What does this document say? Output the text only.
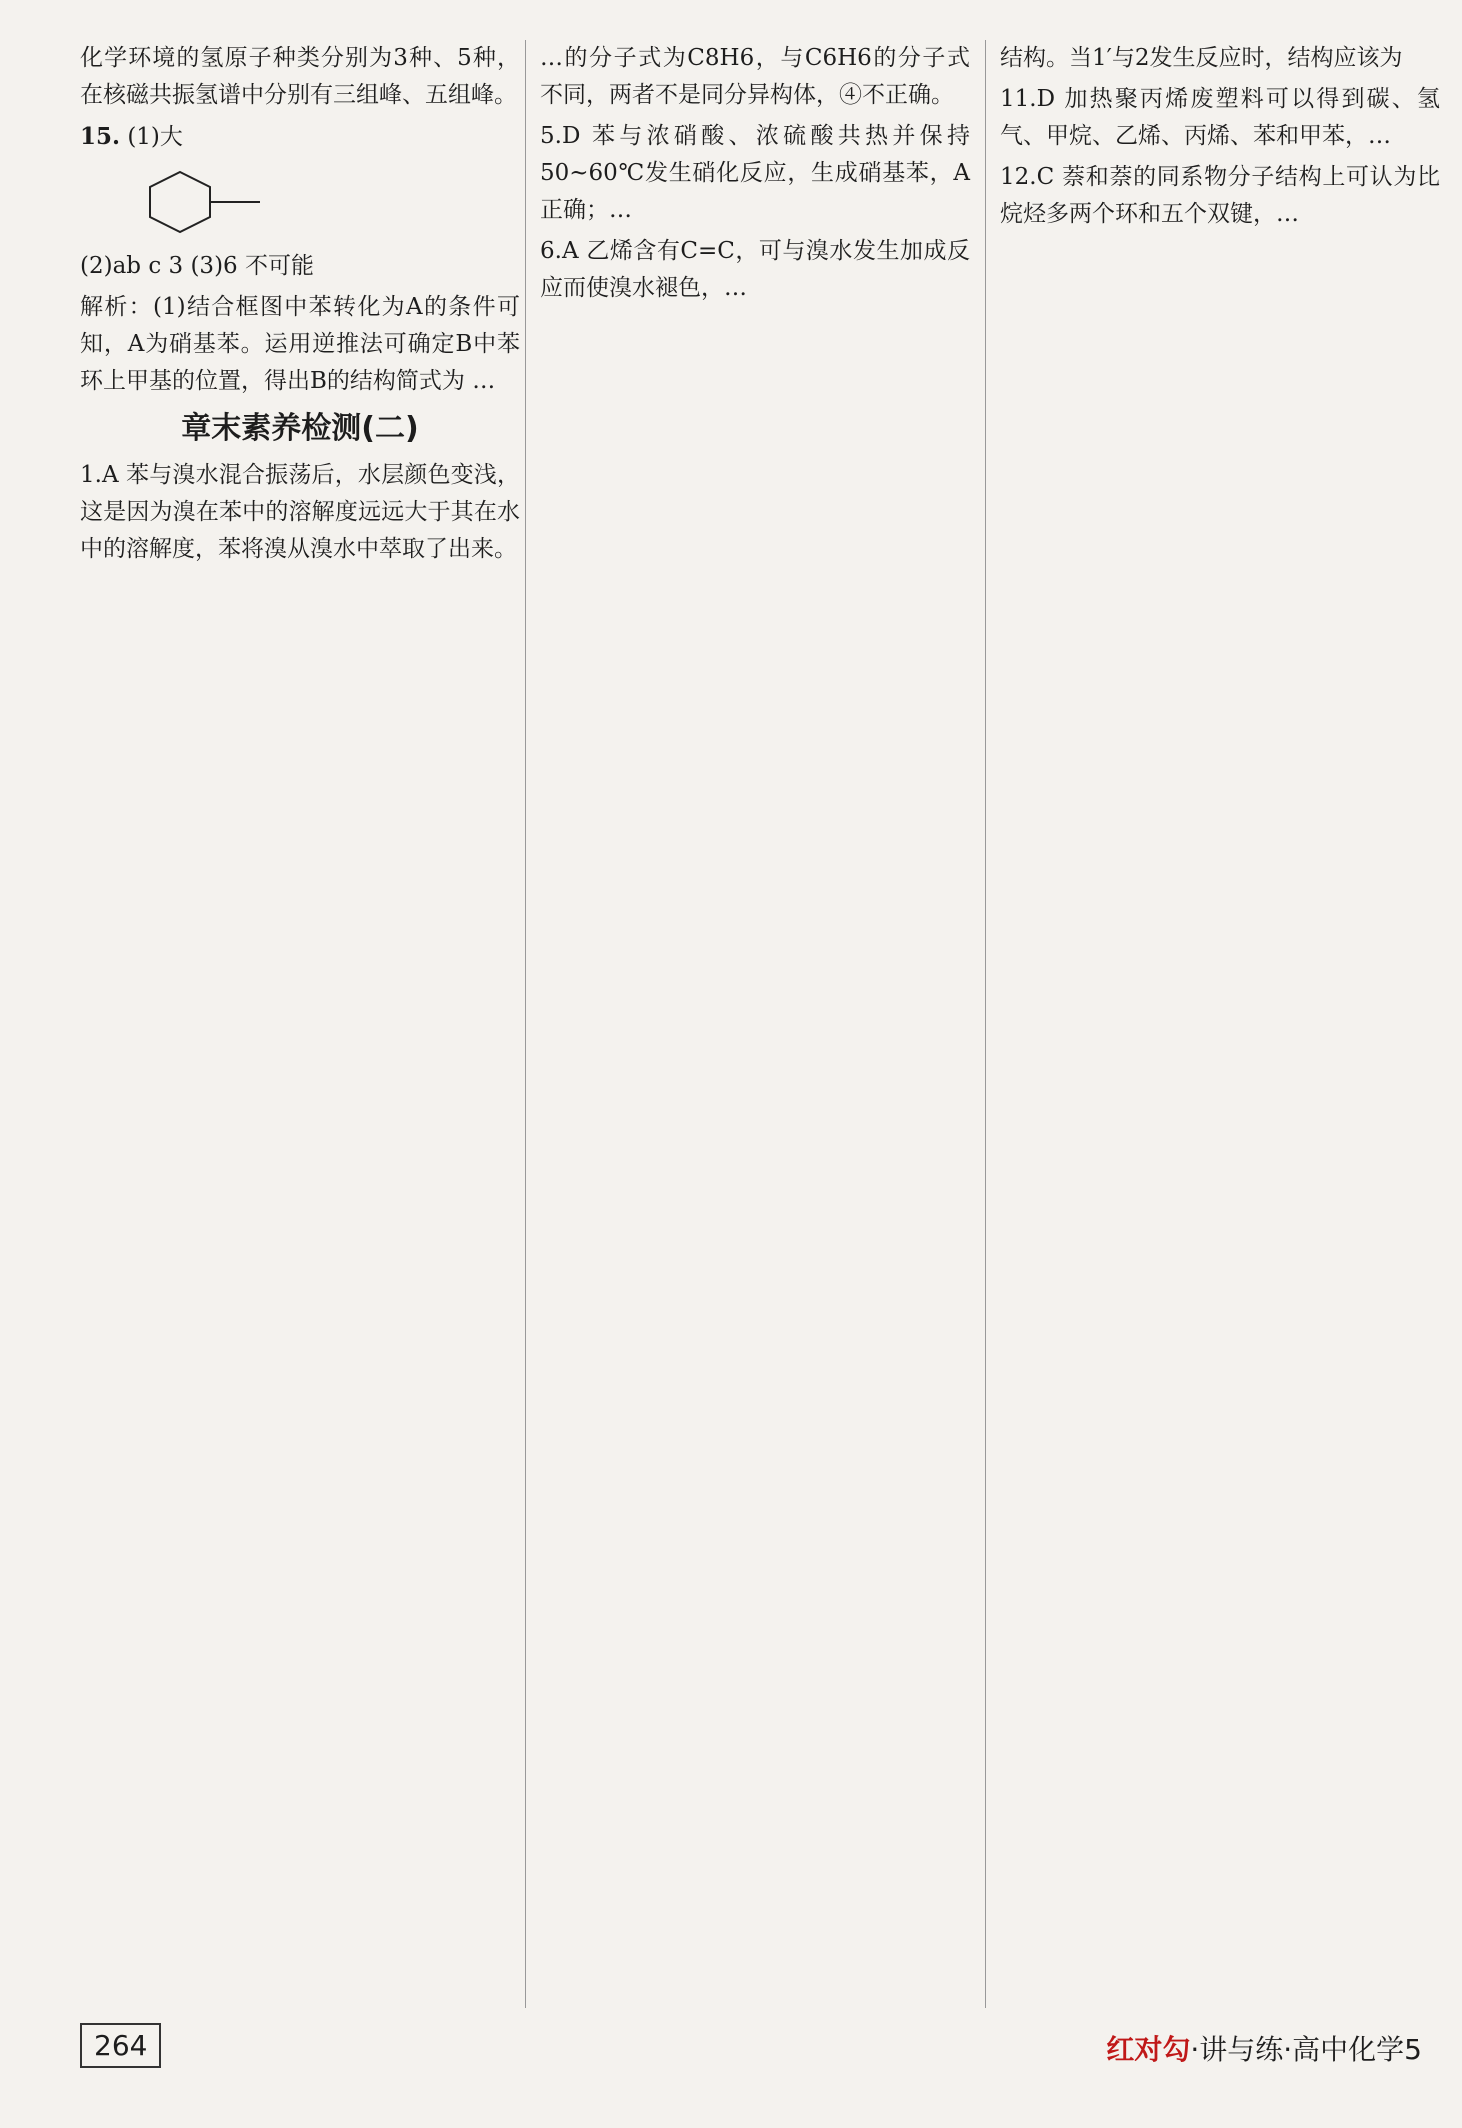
化学环境的氢原子种类分别为3种、5种，在核磁共振氢谱中分别有三组峰、五组峰。

15. (1)大

(2)ab c 3 (3)6 不可能

解析：(1)结合框图中苯转化为A的条件可知，A为硝基苯。运用逆推法可确定B中苯环上甲基的位置，得出B的结构简式为 …

章末素养检测(二)

1.A 苯与溴水混合振荡后，水层颜色变浅，这是因为溴在苯中的溶解度远远大于其在水中的溶解度，苯将溴从溴水中萃取了出来。

…的分子式为C8H6，与C6H6的分子式不同，两者不是同分异构体，④不正确。

5.D 苯与浓硝酸、浓硫酸共热并保持50~60℃发生硝化反应，生成硝基苯，A正确；…

6.A 乙烯含有C=C，可与溴水发生加成反应而使溴水褪色，…

结构。当1′与2发生反应时，结构应该为

11.D 加热聚丙烯废塑料可以得到碳、氢气、甲烷、乙烯、丙烯、苯和甲苯，…

12.C 萘和萘的同系物分子结构上可认为比烷烃多两个环和五个双键，…

264	红对勾·讲与练·高中化学5
